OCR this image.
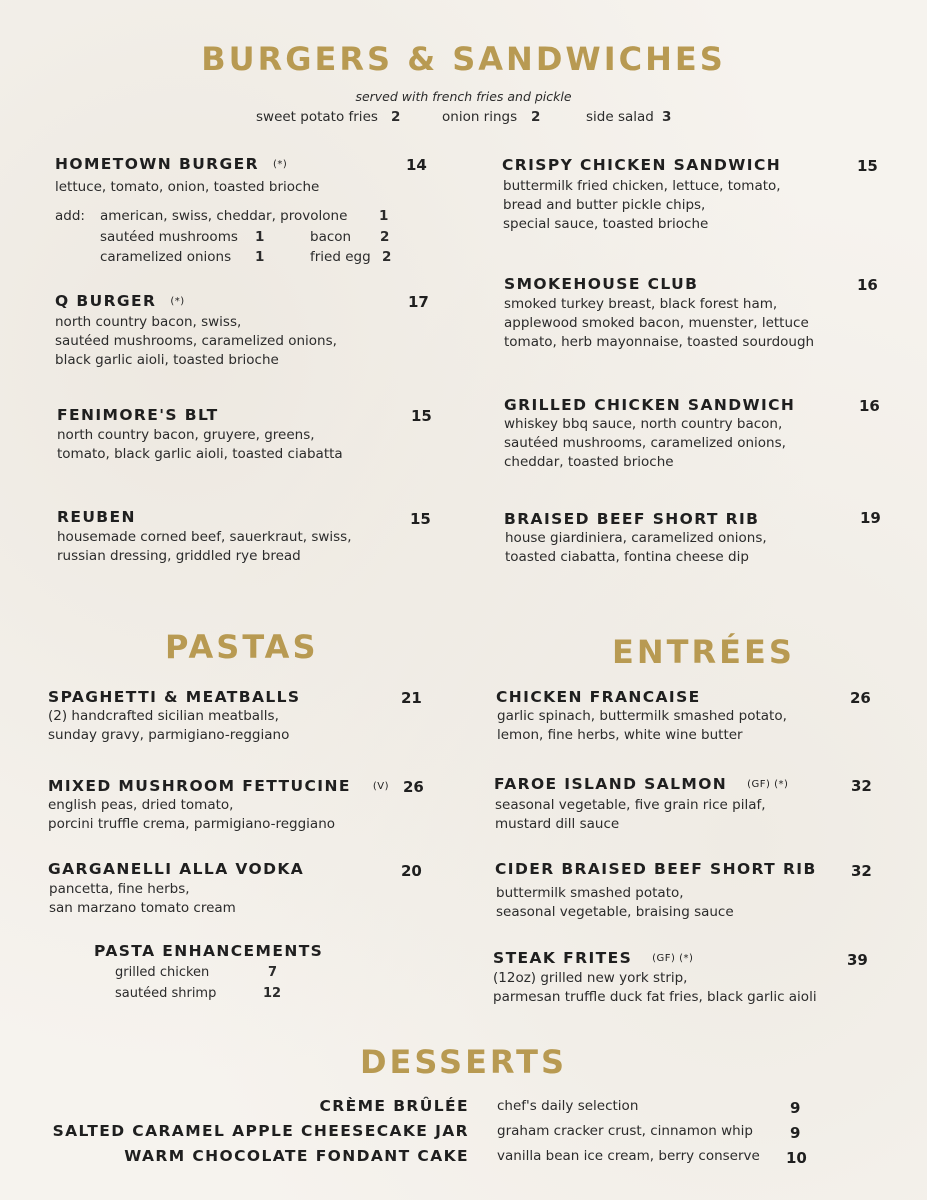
BURGERS & SANDWICHES
served with french fries and pickle
sweet potato fries 2	onion rings 2	side salad 3
HOMETOWN BURGER (*)	14
lettuce, tomato, onion, toasted brioche
add: american, swiss, cheddar, provolone 1
sautéed mushrooms 1	bacon 2
caramelized onions 1	fried egg 2
Q BURGER (*)	17
north country bacon, swiss,
sautéed mushrooms, caramelized onions,
black garlic aioli, toasted brioche
FENIMORE'S BLT	15
north country bacon, gruyere, greens,
tomato, black garlic aioli, toasted ciabatta
REUBEN	15
housemade corned beef, sauerkraut, swiss,
russian dressing, griddled rye bread
CRISPY CHICKEN SANDWICH	15
buttermilk fried chicken, lettuce, tomato,
bread and butter pickle chips,
special sauce, toasted brioche
SMOKEHOUSE CLUB	16
smoked turkey breast, black forest ham,
applewood smoked bacon, muenster, lettuce
tomato, herb mayonnaise, toasted sourdough
GRILLED CHICKEN SANDWICH	16
whiskey bbq sauce, north country bacon,
sautéed mushrooms, caramelized onions,
cheddar, toasted brioche
BRAISED BEEF SHORT RIB	19
house giardiniera, caramelized onions,
toasted ciabatta, fontina cheese dip
PASTAS
SPAGHETTI & MEATBALLS	21
(2) handcrafted sicilian meatballs,
sunday gravy, parmigiano-reggiano
MIXED MUSHROOM FETTUCINE (V) 26
english peas, dried tomato,
porcini truffle crema, parmigiano-reggiano
GARGANELLI ALLA VODKA	20
pancetta, fine herbs,
san marzano tomato cream
PASTA ENHANCEMENTS
grilled chicken	7
sautéed shrimp	12
ENTRÉES
CHICKEN FRANCAISE	26
garlic spinach, buttermilk smashed potato,
lemon, fine herbs, white wine butter
FAROE ISLAND SALMON (GF) (*)	32
seasonal vegetable, five grain rice pilaf,
mustard dill sauce
CIDER BRAISED BEEF SHORT RIB 32
buttermilk smashed potato,
seasonal vegetable, braising sauce
STEAK FRITES (GF) (*)	39
(12oz) grilled new york strip,
parmesan truffle duck fat fries, black garlic aioli
DESSERTS
CRÈME BRÛLÉE chef's daily selection	9
SALTED CARAMEL APPLE CHEESECAKE JAR graham cracker crust, cinnamon whip 9
WARM CHOCOLATE FONDANT CAKE vanilla bean ice cream, berry conserve 10
